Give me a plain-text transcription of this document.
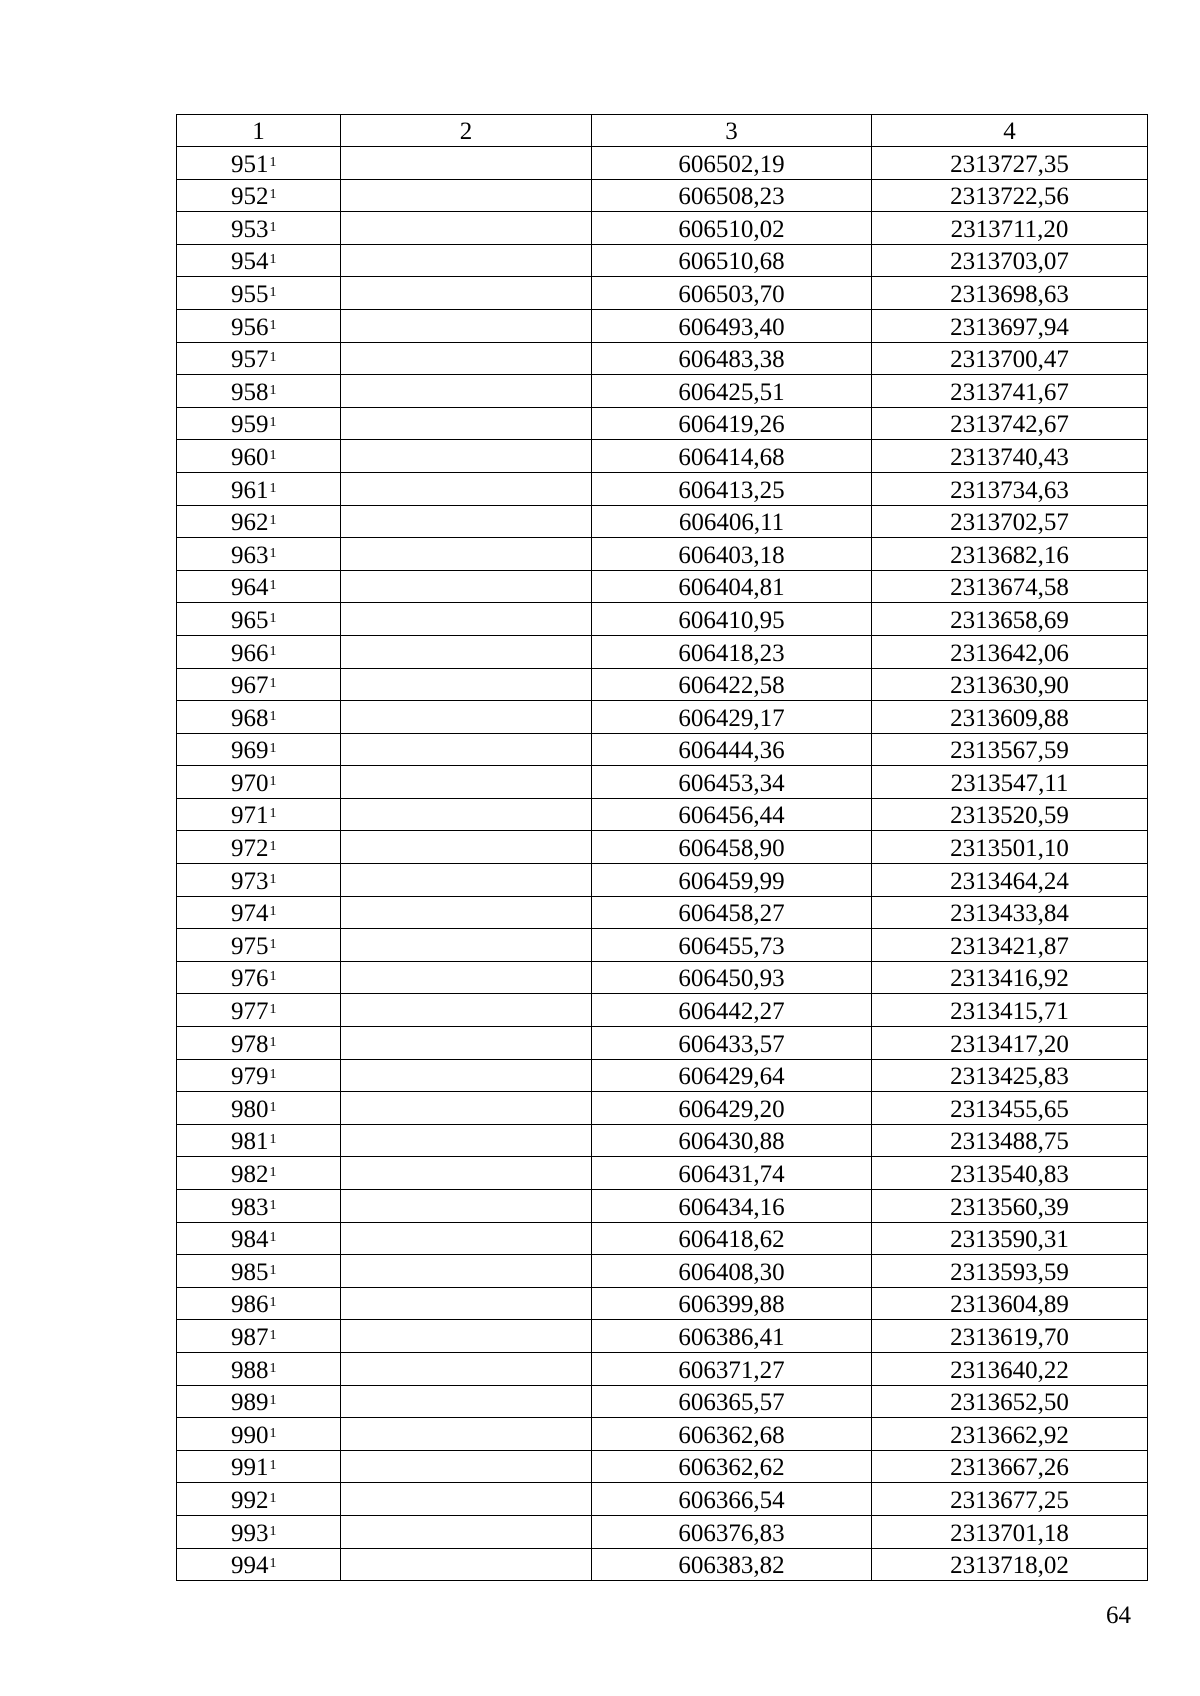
1	2	3	4
$951^1$		606502,19	2313727,35
$952^1$		606508,23	2313722,56
$953^1$		606510,02	2313711,20
$954^1$		606510,68	2313703,07
$955^1$		606503,70	2313698,63
$956^1$		606493,40	2313697,94
$957^1$		606483,38	2313700,47
$958^1$		606425,51	2313741,67
$959^1$		606419,26	2313742,67
$960^1$		606414,68	2313740,43
$961^1$		606413,25	2313734,63
$962^1$		606406,11	2313702,57
$963^1$		606403,18	2313682,16
$964^1$		606404,81	2313674,58
$965^1$		606410,95	2313658,69
$966^1$		606418,23	2313642,06
$967^1$		606422,58	2313630,90
$968^1$		606429,17	2313609,88
$969^1$		606444,36	2313567,59
$970^1$		606453,34	2313547,11
$971^1$		606456,44	2313520,59
$972^1$		606458,90	2313501,10
$973^1$		606459,99	2313464,24
$974^1$		606458,27	2313433,84
$975^1$		606455,73	2313421,87
$976^1$		606450,93	2313416,92
$977^1$		606442,27	2313415,71
$978^1$		606433,57	2313417,20
$979^1$		606429,64	2313425,83
$980^1$		606429,20	2313455,65
$981^1$		606430,88	2313488,75
$982^1$		606431,74	2313540,83
$983^1$		606434,16	2313560,39
$984^1$		606418,62	2313590,31
$985^1$		606408,30	2313593,59
$986^1$		606399,88	2313604,89
$987^1$		606386,41	2313619,70
$988^1$		606371,27	2313640,22
$989^1$		606365,57	2313652,50
$990^1$		606362,68	2313662,92
$991^1$		606362,62	2313667,26
$992^1$		606366,54	2313677,25
$993^1$		606376,83	2313701,18
$994^1$		606383,82	2313718,02
64
